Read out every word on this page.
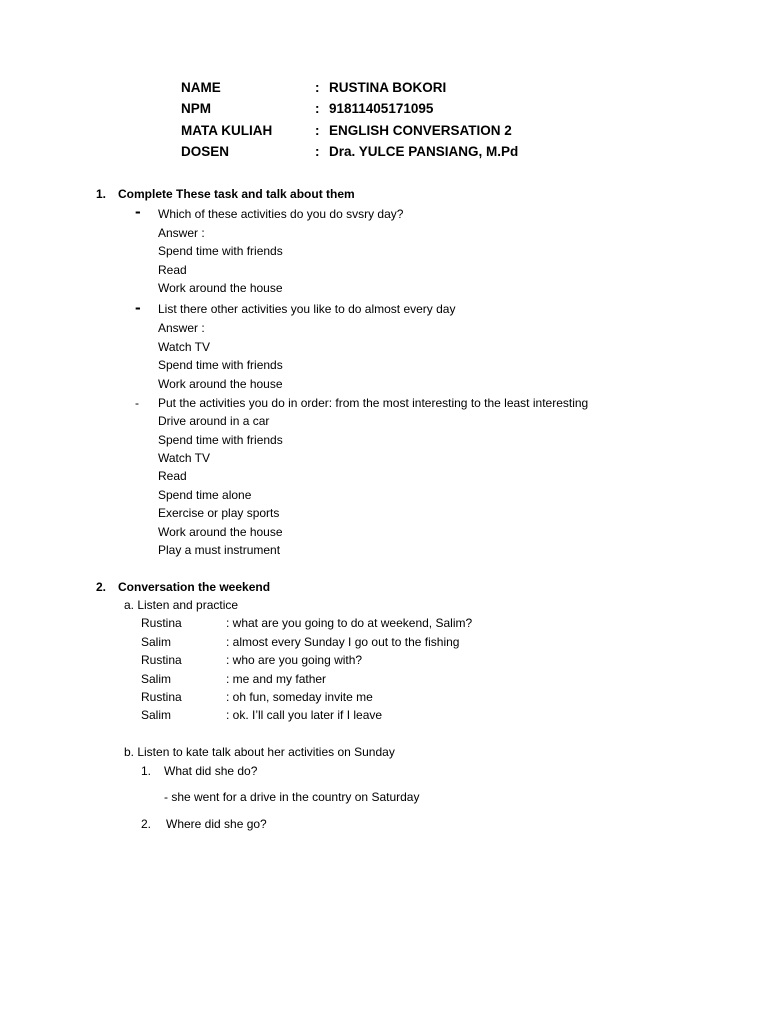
NAME	: RUSTINA BOKORI
NPM	: 91811405171095
MATA KULIAH	: ENGLISH CONVERSATION 2
DOSEN	: Dra. YULCE PANSIANG, M.Pd
1. Complete These task and talk about them
- Which of these activities do you do svsry day?
Answer :
Spend time with friends
Read
Work around the house
- List there other activities you like to do almost every day
Answer :
Watch TV
Spend time with friends
Work around the house
- Put the activities you do in order: from the most interesting to the least interesting
Drive around in a car
Spend time with friends
Watch TV
Read
Spend time alone
Exercise or play sports
Work around the house
Play a must instrument
2. Conversation the weekend
a. Listen and practice
Rustina	: what are you going to do at weekend, Salim?
Salim	: almost every Sunday I go out to the fishing
Rustina	: who are you going with?
Salim	: me and my father
Rustina	: oh fun, someday invite me
Salim	: ok. I’ll call you later if I leave
b. Listen to kate talk about her activities on Sunday
1. What did she do?
- she went for a drive in the country on Saturday
2. Where did she go?
